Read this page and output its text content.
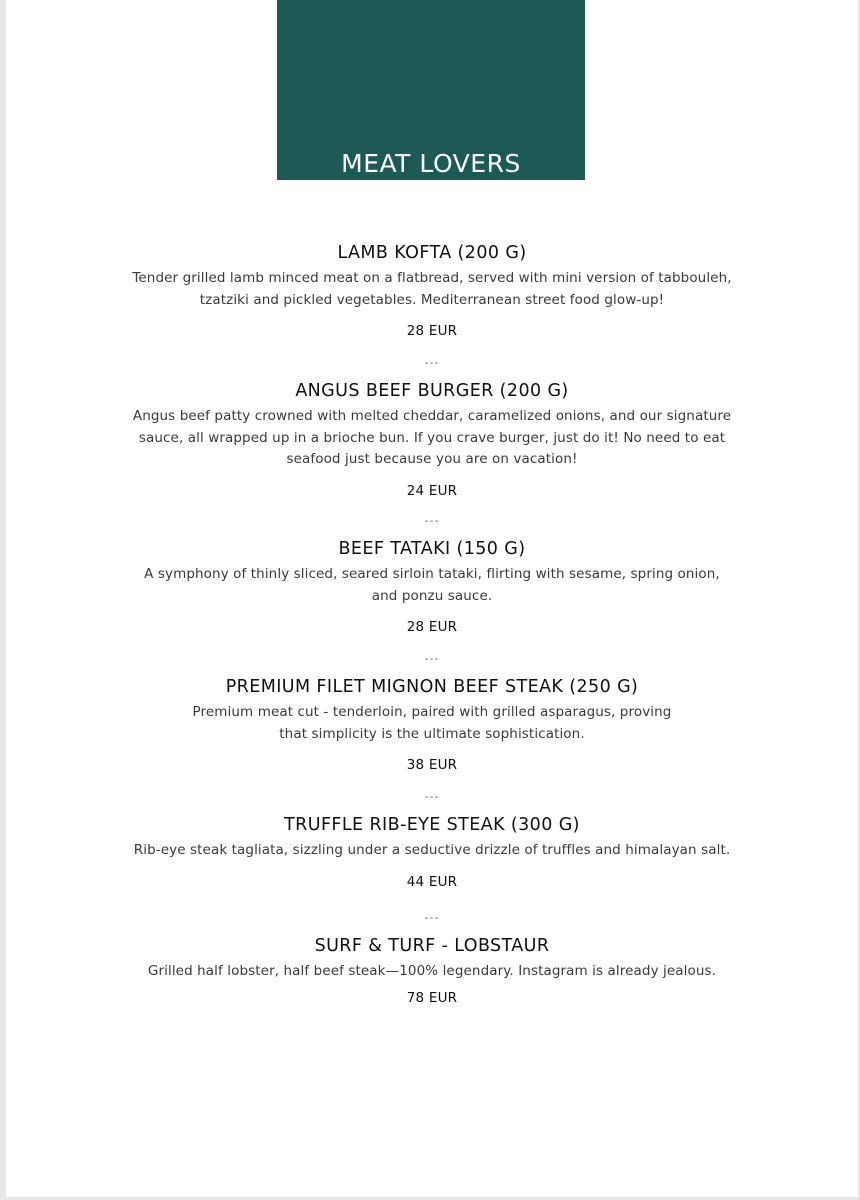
MEAT LOVERS
LAMB KOFTA (200 G)
Tender grilled lamb minced meat on a flatbread, served with mini version of tabbouleh,
tzatziki and pickled vegetables. Mediterranean street food glow-up!
28 EUR
---
ANGUS BEEF BURGER (200 G)
Angus beef patty crowned with melted cheddar, caramelized onions, and our signature
sauce, all wrapped up in a brioche bun. If you crave burger, just do it! No need to eat
seafood just because you are on vacation!
24 EUR
---
BEEF TATAKI (150 G)
A symphony of thinly sliced, seared sirloin tataki, flirting with sesame, spring onion,
and ponzu sauce.
28 EUR
---
PREMIUM FILET MIGNON BEEF STEAK (250 G)
Premium meat cut - tenderloin, paired with grilled asparagus, proving
that simplicity is the ultimate sophistication.
38 EUR
---
TRUFFLE RIB-EYE STEAK (300 G)
Rib-eye steak tagliata, sizzling under a seductive drizzle of truffles and himalayan salt.
44 EUR
---
SURF & TURF - LOBSTAUR
Grilled half lobster, half beef steak—100% legendary. Instagram is already jealous.
78 EUR
